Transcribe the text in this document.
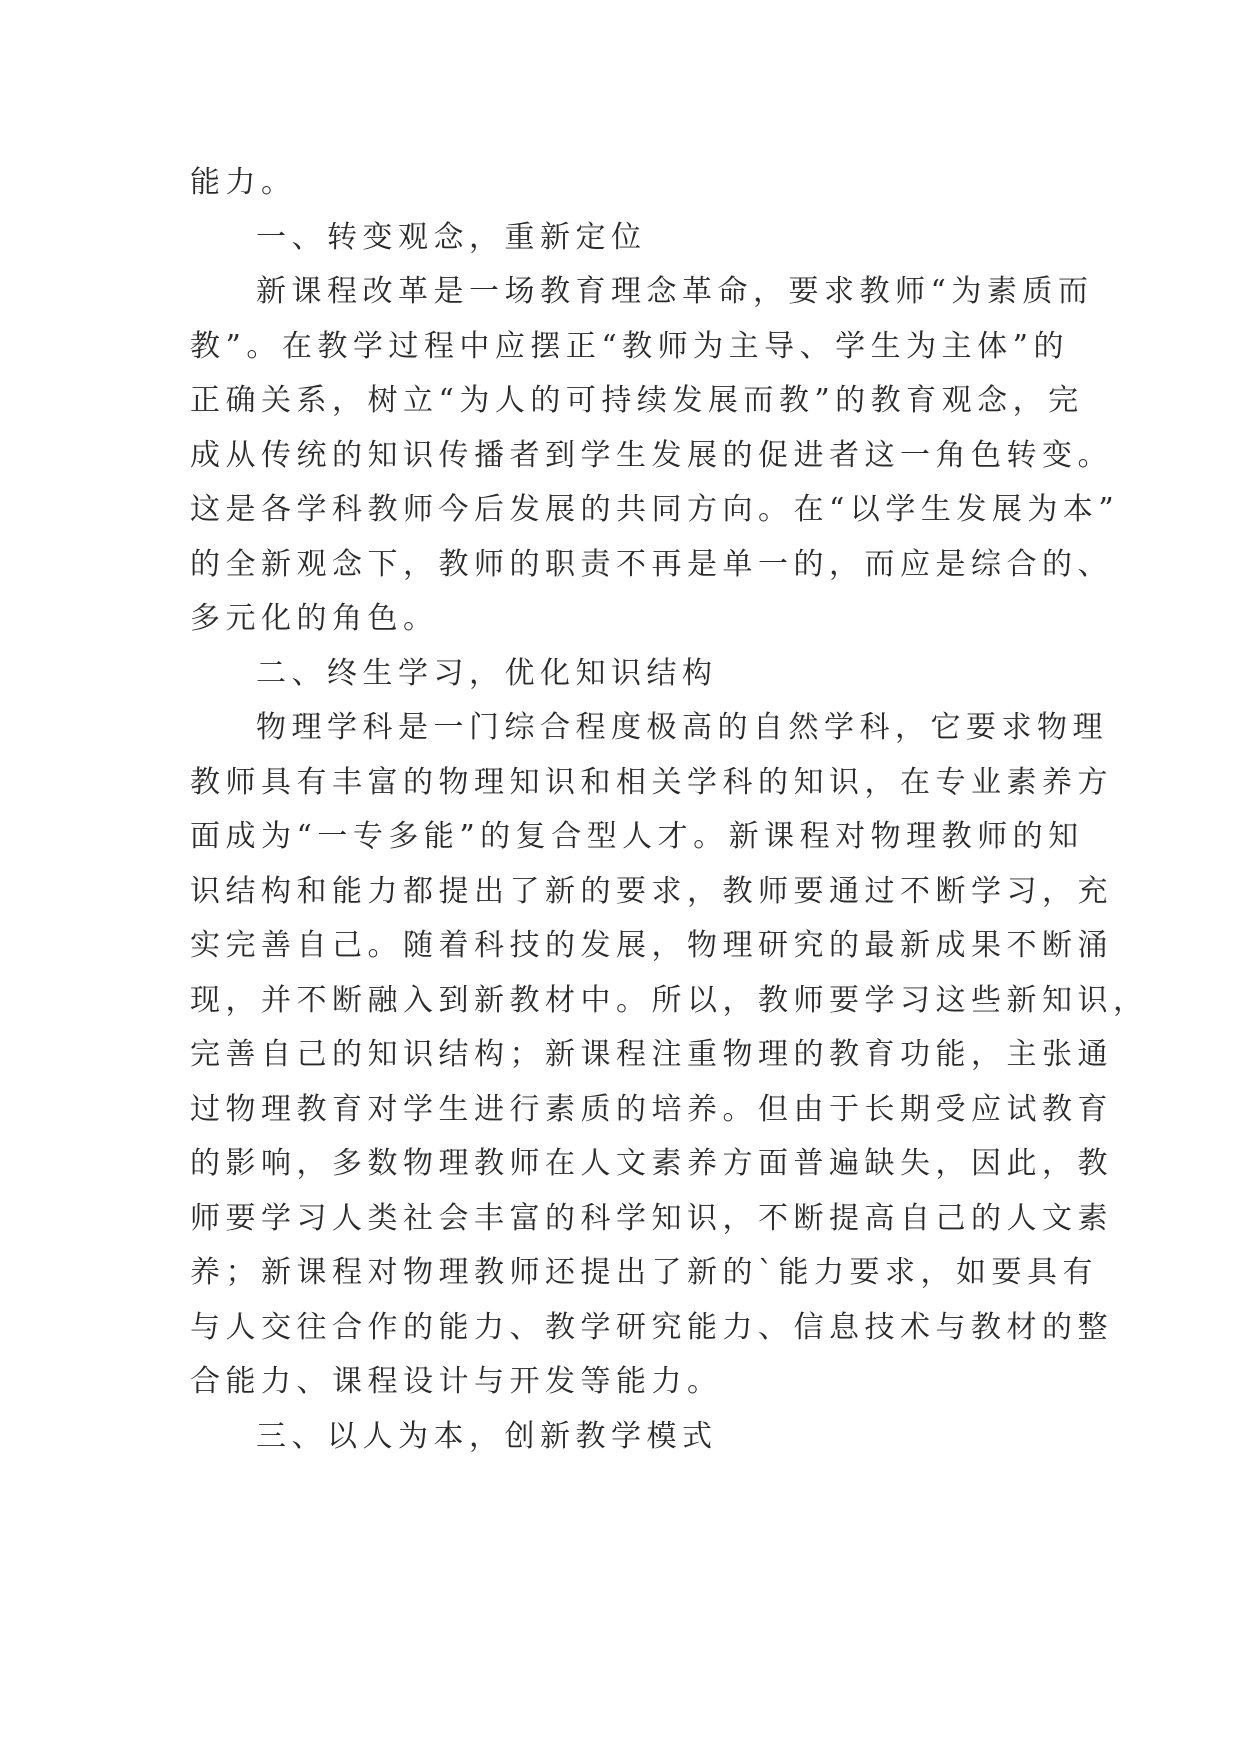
能力。
一、转变观念，重新定位
新课程改革是一场教育理念革命，要求教师“为素质而
教”。在教学过程中应摆正“教师为主导、学生为主体”的
正确关系，树立“为人的可持续发展而教”的教育观念，完
成从传统的知识传播者到学生发展的促进者这一角色转变。
这是各学科教师今后发展的共同方向。在“以学生发展为本”
的全新观念下，教师的职责不再是单一的，而应是综合的、
多元化的角色。
二、终生学习，优化知识结构
物理学科是一门综合程度极高的自然学科，它要求物理
教师具有丰富的物理知识和相关学科的知识，在专业素养方
面成为“一专多能”的复合型人才。新课程对物理教师的知
识结构和能力都提出了新的要求，教师要通过不断学习，充
实完善自己。随着科技的发展，物理研究的最新成果不断涌
现，并不断融入到新教材中。所以，教师要学习这些新知识，
完善自己的知识结构；新课程注重物理的教育功能，主张通
过物理教育对学生进行素质的培养。但由于长期受应试教育
的影响，多数物理教师在人文素养方面普遍缺失，因此，教
师要学习人类社会丰富的科学知识，不断提高自己的人文素
养；新课程对物理教师还提出了新的`能力要求，如要具有
与人交往合作的能力、教学研究能力、信息技术与教材的整
合能力、课程设计与开发等能力。
三、以人为本，创新教学模式
